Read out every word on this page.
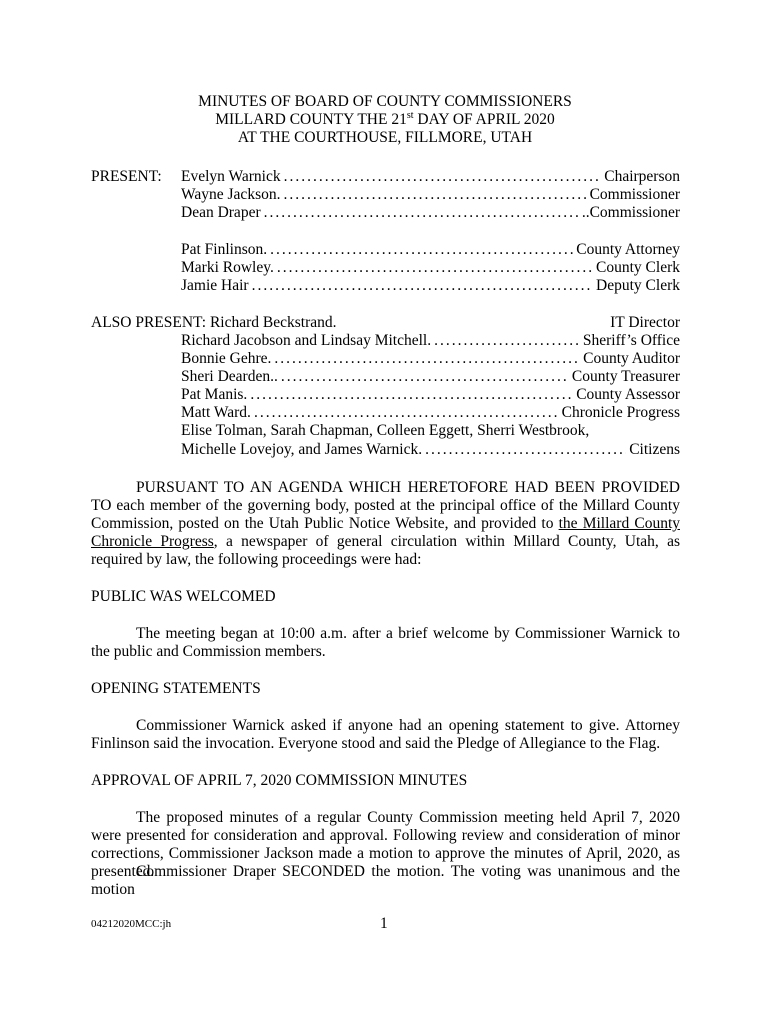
MINUTES OF BOARD OF COUNTY COMMISSIONERS
MILLARD COUNTY THE 21st DAY OF APRIL 2020
AT THE COURTHOUSE, FILLMORE, UTAH
PRESENT: Evelyn Warnick .....	Chairperson
Wayne Jackson. .....	Commissioner
Dean Draper .....	..Commissioner
Pat Finlinson. .....	County Attorney
Marki Rowley. .....	County Clerk
Jamie Hair .....	Deputy Clerk
ALSO PRESENT:
Richard Beckstrand.	IT Director
Richard Jacobson and Lindsay Mitchell. .....	Sheriff’s Office
Bonnie Gehre. .....	County Auditor
Sheri Dearden.. .....	County Treasurer
Pat Manis. .....	County Assessor
Matt Ward. .....	Chronicle Progress
Elise Tolman, Sarah Chapman, Colleen Eggett, Sherri Westbrook,
Michelle Lovejoy, and James Warnick. .....	Citizens
PURSUANT TO AN AGENDA WHICH HERETOFORE HAD BEEN PROVIDED TO each member of the governing body, posted at the principal office of the Millard County Commission, posted on the Utah Public Notice Website, and provided to the Millard County Chronicle Progress, a newspaper of general circulation within Millard County, Utah, as required by law, the following proceedings were had:
PUBLIC WAS WELCOMED
The meeting began at 10:00 a.m. after a brief welcome by Commissioner Warnick to the public and Commission members.
OPENING STATEMENTS
Commissioner Warnick asked if anyone had an opening statement to give. Attorney Finlinson said the invocation. Everyone stood and said the Pledge of Allegiance to the Flag.
APPROVAL OF APRIL 7, 2020 COMMISSION MINUTES
The proposed minutes of a regular County Commission meeting held April 7, 2020 were presented for consideration and approval. Following review and consideration of minor corrections, Commissioner Jackson made a motion to approve the minutes of April, 2020, as presented.
Commissioner Draper SECONDED the motion. The voting was unanimous and the motion
04212020MCC:jh	1
